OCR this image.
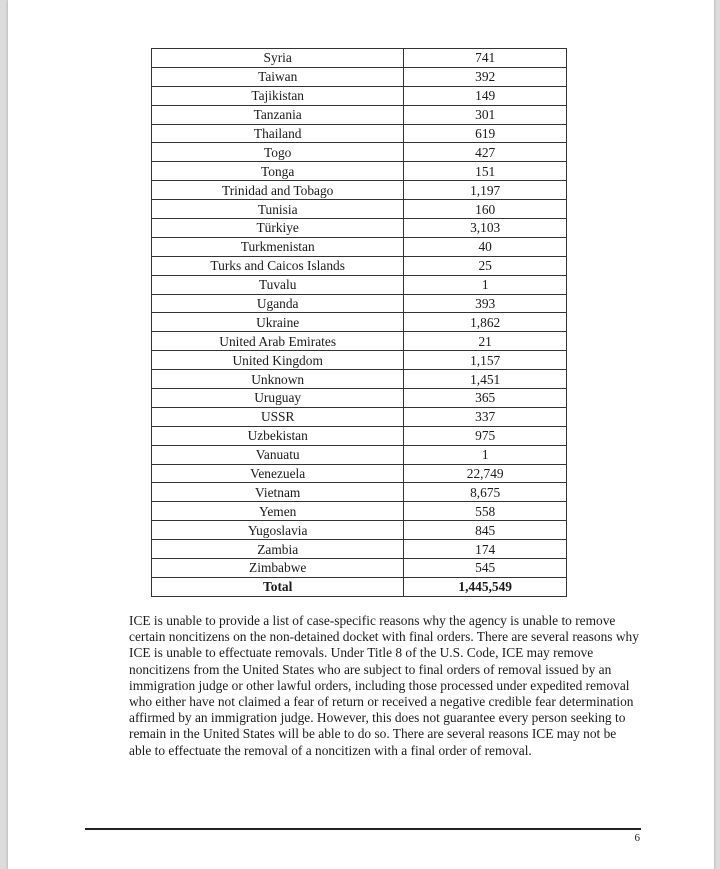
Syria	741
Taiwan	392
Tajikistan	149
Tanzania	301
Thailand	619
Togo	427
Tonga	151
Trinidad and Tobago	1,197
Tunisia	160
Türkiye	3,103
Turkmenistan	40
Turks and Caicos Islands	25
Tuvalu	1
Uganda	393
Ukraine	1,862
United Arab Emirates	21
United Kingdom	1,157
Unknown	1,451
Uruguay	365
USSR	337
Uzbekistan	975
Vanuatu	1
Venezuela	22,749
Vietnam	8,675
Yemen	558
Yugoslavia	845
Zambia	174
Zimbabwe	545
Total	1,445,549

ICE is unable to provide a list of case-specific reasons why the agency is unable to remove certain noncitizens on the non-detained docket with final orders. There are several reasons why ICE is unable to effectuate removals. Under Title 8 of the U.S. Code, ICE may remove noncitizens from the United States who are subject to final orders of removal issued by an immigration judge or other lawful orders, including those processed under expedited removal who either have not claimed a fear of return or received a negative credible fear determination affirmed by an immigration judge. However, this does not guarantee every person seeking to remain in the United States will be able to do so. There are several reasons ICE may not be able to effectuate the removal of a noncitizen with a final order of removal.

6
